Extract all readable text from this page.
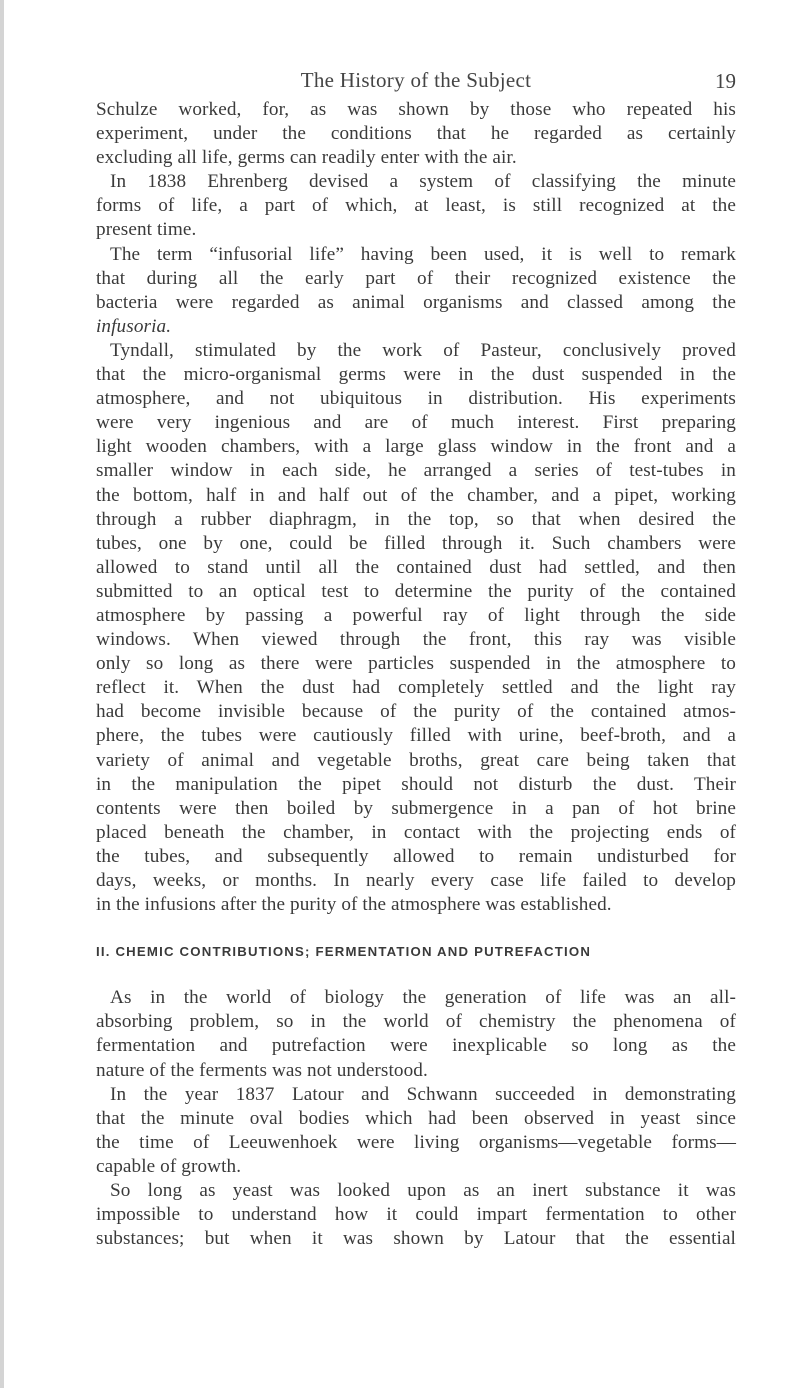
The History of the Subject	19
Schulze worked, for, as was shown by those who repeated his
experiment, under the conditions that he regarded as certainly
excluding all life, germs can readily enter with the air.
In 1838 Ehrenberg devised a system of classifying the minute
forms of life, a part of which, at least, is still recognized at the
present time.
The term “infusorial life” having been used, it is well to remark
that during all the early part of their recognized existence the
bacteria were regarded as animal organisms and classed among the
infusoria.
Tyndall, stimulated by the work of Pasteur, conclusively proved
that the micro-organismal germs were in the dust suspended in the
atmosphere, and not ubiquitous in distribution. His experiments
were very ingenious and are of much interest. First preparing
light wooden chambers, with a large glass window in the front and a
smaller window in each side, he arranged a series of test-tubes in
the bottom, half in and half out of the chamber, and a pipet, working
through a rubber diaphragm, in the top, so that when desired the
tubes, one by one, could be filled through it. Such chambers were
allowed to stand until all the contained dust had settled, and then
submitted to an optical test to determine the purity of the contained
atmosphere by passing a powerful ray of light through the side
windows. When viewed through the front, this ray was visible
only so long as there were particles suspended in the atmosphere to
reflect it. When the dust had completely settled and the light ray
had become invisible because of the purity of the contained atmos-
phere, the tubes were cautiously filled with urine, beef-broth, and a
variety of animal and vegetable broths, great care being taken that
in the manipulation the pipet should not disturb the dust. Their
contents were then boiled by submergence in a pan of hot brine
placed beneath the chamber, in contact with the projecting ends of
the tubes, and subsequently allowed to remain undisturbed for
days, weeks, or months. In nearly every case life failed to develop
in the infusions after the purity of the atmosphere was established.
II. CHEMIC CONTRIBUTIONS; FERMENTATION AND PUTREFACTION
As in the world of biology the generation of life was an all-
absorbing problem, so in the world of chemistry the phenomena of
fermentation and putrefaction were inexplicable so long as the
nature of the ferments was not understood.
In the year 1837 Latour and Schwann succeeded in demonstrating
that the minute oval bodies which had been observed in yeast since
the time of Leeuwenhoek were living organisms—vegetable forms—
capable of growth.
So long as yeast was looked upon as an inert substance it was
impossible to understand how it could impart fermentation to other
substances; but when it was shown by Latour that the essential
